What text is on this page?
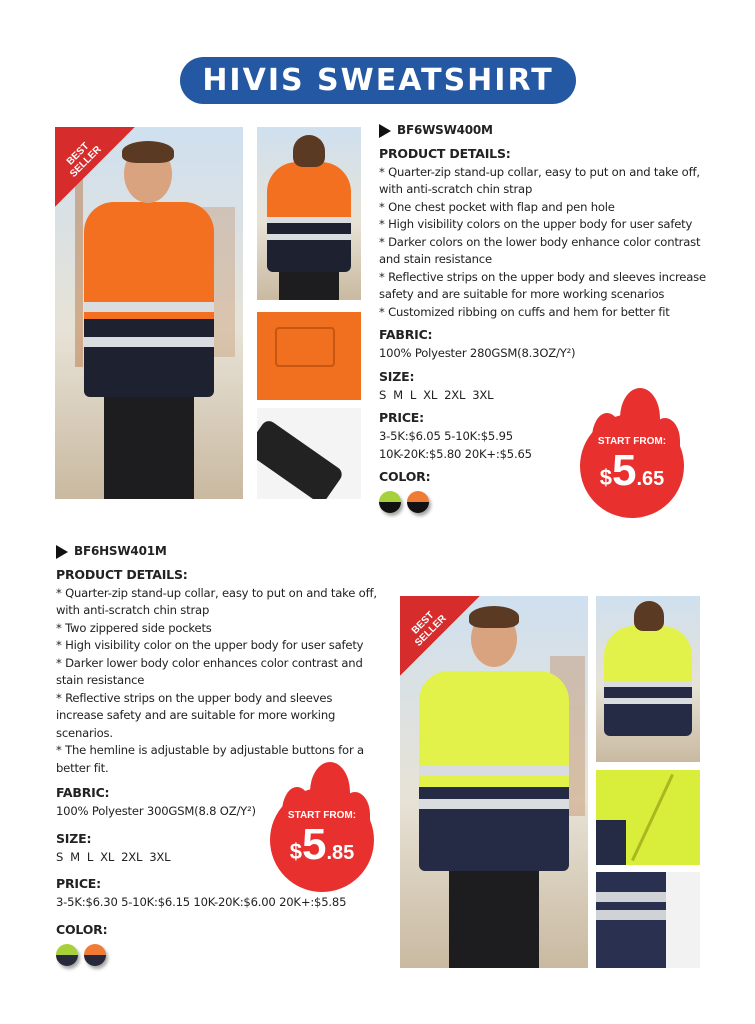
HIVIS SWEATSHIRT
BEST SELLER
BF6WSW400M
PRODUCT DETAILS:
* Quarter-zip stand-up collar, easy to put on and take off, with anti-scratch chin strap
* One chest pocket with flap and pen hole
* High visibility colors on the upper body for user safety
* Darker colors on the lower body enhance color contrast and stain resistance
* Reflective strips on the upper body and sleeves increase safety and are suitable for more working scenarios
* Customized ribbing on cuffs and hem for better fit
FABRIC:
100% Polyester 280GSM(8.3OZ/Y²)
SIZE:
S  M  L  XL  2XL  3XL
PRICE:
3-5K:$6.05 5-10K:$5.95
10K-20K:$5.80 20K+:$5.65
COLOR:
START FROM:
$5.65
BF6HSW401M
PRODUCT DETAILS:
* Quarter-zip stand-up collar, easy to put on and take off, with anti-scratch chin strap
* Two zippered side pockets
* High visibility color on the upper body for user safety
* Darker lower body color enhances color contrast and stain resistance
* Reflective strips on the upper body and sleeves increase safety and are suitable for more working scenarios.
* The hemline is adjustable by adjustable buttons for a better fit.
FABRIC:
100% Polyester 300GSM(8.8 OZ/Y²)
SIZE:
S  M  L  XL  2XL  3XL
PRICE:
3-5K:$6.30 5-10K:$6.15 10K-20K:$6.00 20K+:$5.85
COLOR:
START FROM:
$5.85
BEST SELLER
